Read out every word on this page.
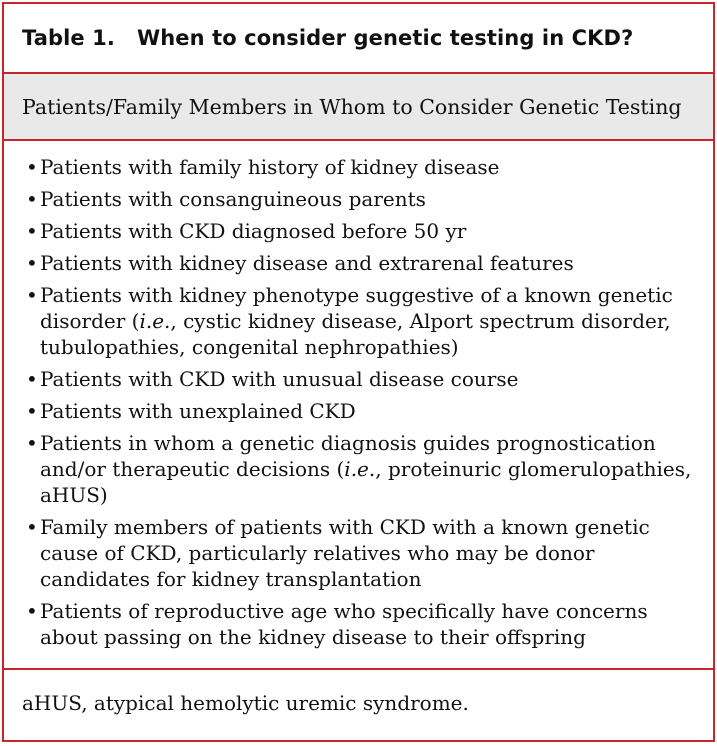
Table 1. When to consider genetic testing in CKD?
Patients/Family Members in Whom to Consider Genetic Testing
• Patients with family history of kidney disease
• Patients with consanguineous parents
• Patients with CKD diagnosed before 50 yr
• Patients with kidney disease and extrarenal features
• Patients with kidney phenotype suggestive of a known genetic disorder (i.e., cystic kidney disease, Alport spectrum disorder, tubulopathies, congenital nephropathies)
• Patients with CKD with unusual disease course
• Patients with unexplained CKD
• Patients in whom a genetic diagnosis guides prognostication and/or therapeutic decisions (i.e., proteinuric glomerulopathies, aHUS)
• Family members of patients with CKD with a known genetic cause of CKD, particularly relatives who may be donor candidates for kidney transplantation
• Patients of reproductive age who specifically have concerns about passing on the kidney disease to their offspring
aHUS, atypical hemolytic uremic syndrome.
